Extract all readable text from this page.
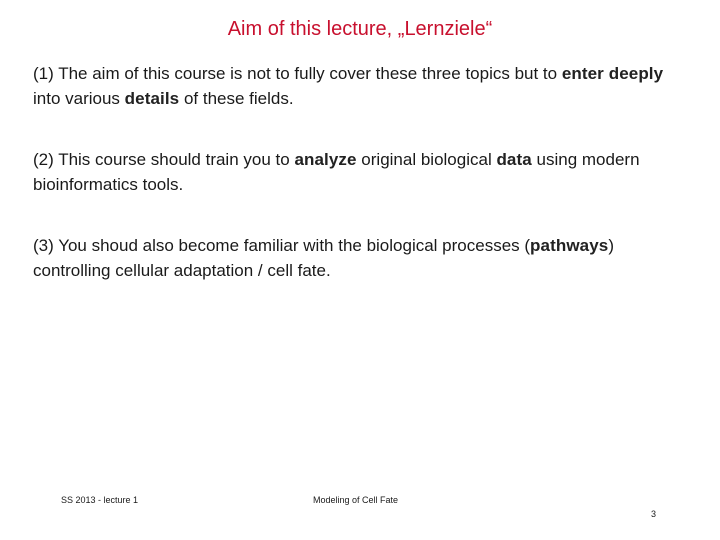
Aim of this lecture, „Lernziele“
(1) The aim of this course is not to fully cover these three topics but to enter deeply into various details of these fields.
(2) This course should train you to analyze original biological data using modern bioinformatics tools.
(3) You shoud also become familiar with the biological processes (pathways) controlling cellular adaptation / cell fate.
SS 2013 - lecture 1	Modeling of Cell Fate
3
